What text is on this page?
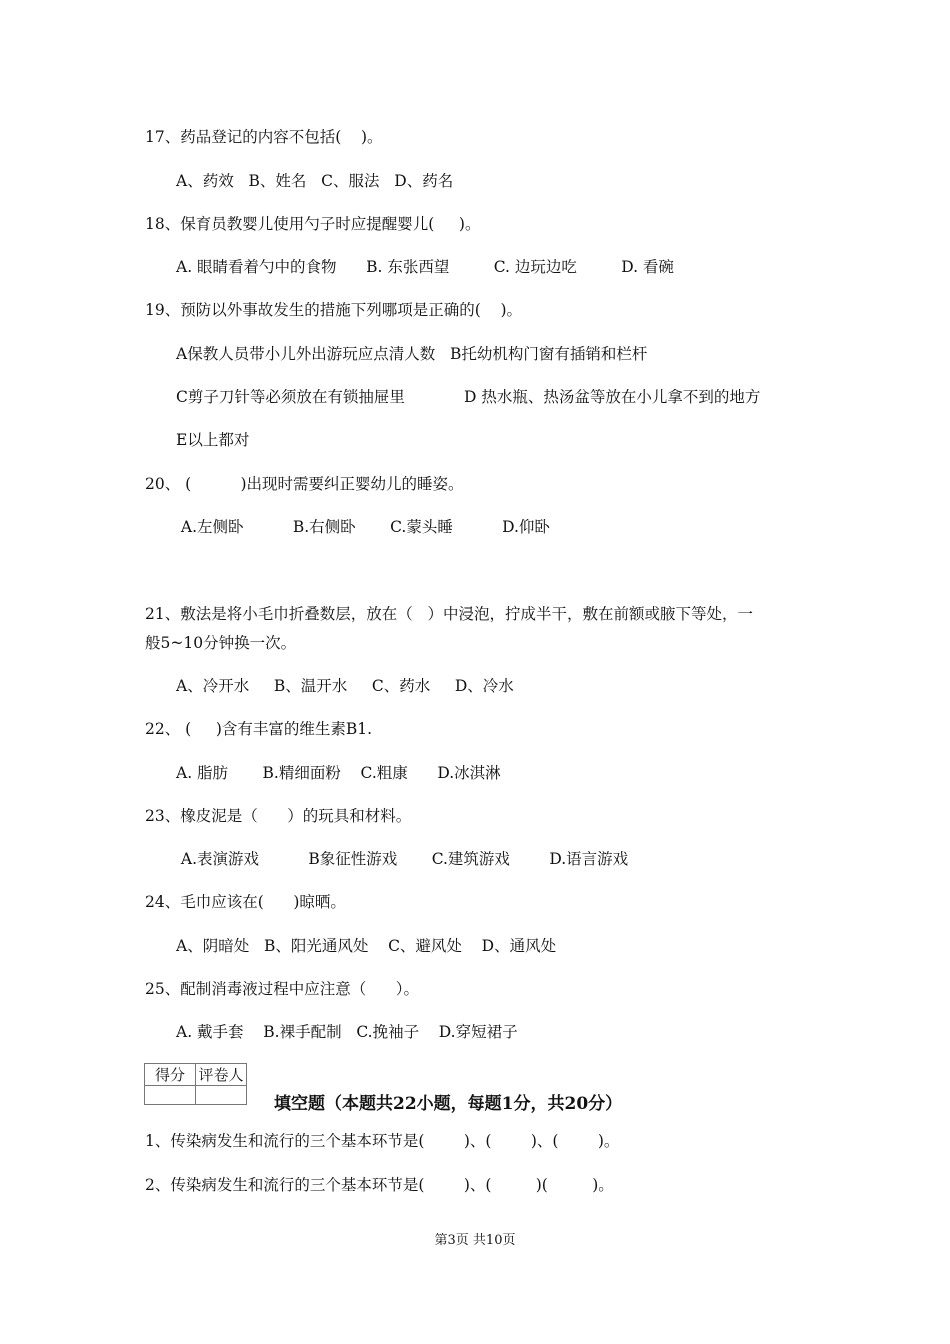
17、药品登记的内容不包括(    )。
A、药效   B、姓名   C、服法   D、药名
18、保育员教婴儿使用勺子时应提醒婴儿(     )。
A. 眼睛看着勺中的食物      B. 东张西望         C. 边玩边吃         D. 看碗
19、预防以外事故发生的措施下列哪项是正确的(    )。
A保教人员带小儿外出游玩应点清人数   B托幼机构门窗有插销和栏杆
C剪子刀针等必须放在有锁抽屉里            D 热水瓶、热汤盆等放在小儿拿不到的地方
E以上都对
20、 (          )出现时需要纠正婴幼儿的睡姿。
A.左侧卧          B.右侧卧       C.蒙头睡          D.仰卧
21、敷法是将小毛巾折叠数层，放在（   ）中浸泡，拧成半干，敷在前额或腋下等处，一
般5~10分钟换一次。
A、冷开水     B、温开水     C、药水     D、冷水
22、 (     )含有丰富的维生素B1.
A. 脂肪       B.精细面粉    C.粗康      D.冰淇淋
23、橡皮泥是（      ）的玩具和材料。
A.表演游戏          B象征性游戏       C.建筑游戏        D.语言游戏
24、毛巾应该在(      )晾晒。
A、阴暗处   B、阳光通风处    C、避风处    D、通风处
25、配制消毒液过程中应注意（      ）。
A. 戴手套    B.裸手配制   C.挽袖子    D.穿短裙子
得分	评卷人

填空题（本题共22小题，每题1分，共20分）
1、传染病发生和流行的三个基本环节是(        )、(        )、(        )。
2、传染病发生和流行的三个基本环节是(        )、(         )(         )。
第3页 共10页
